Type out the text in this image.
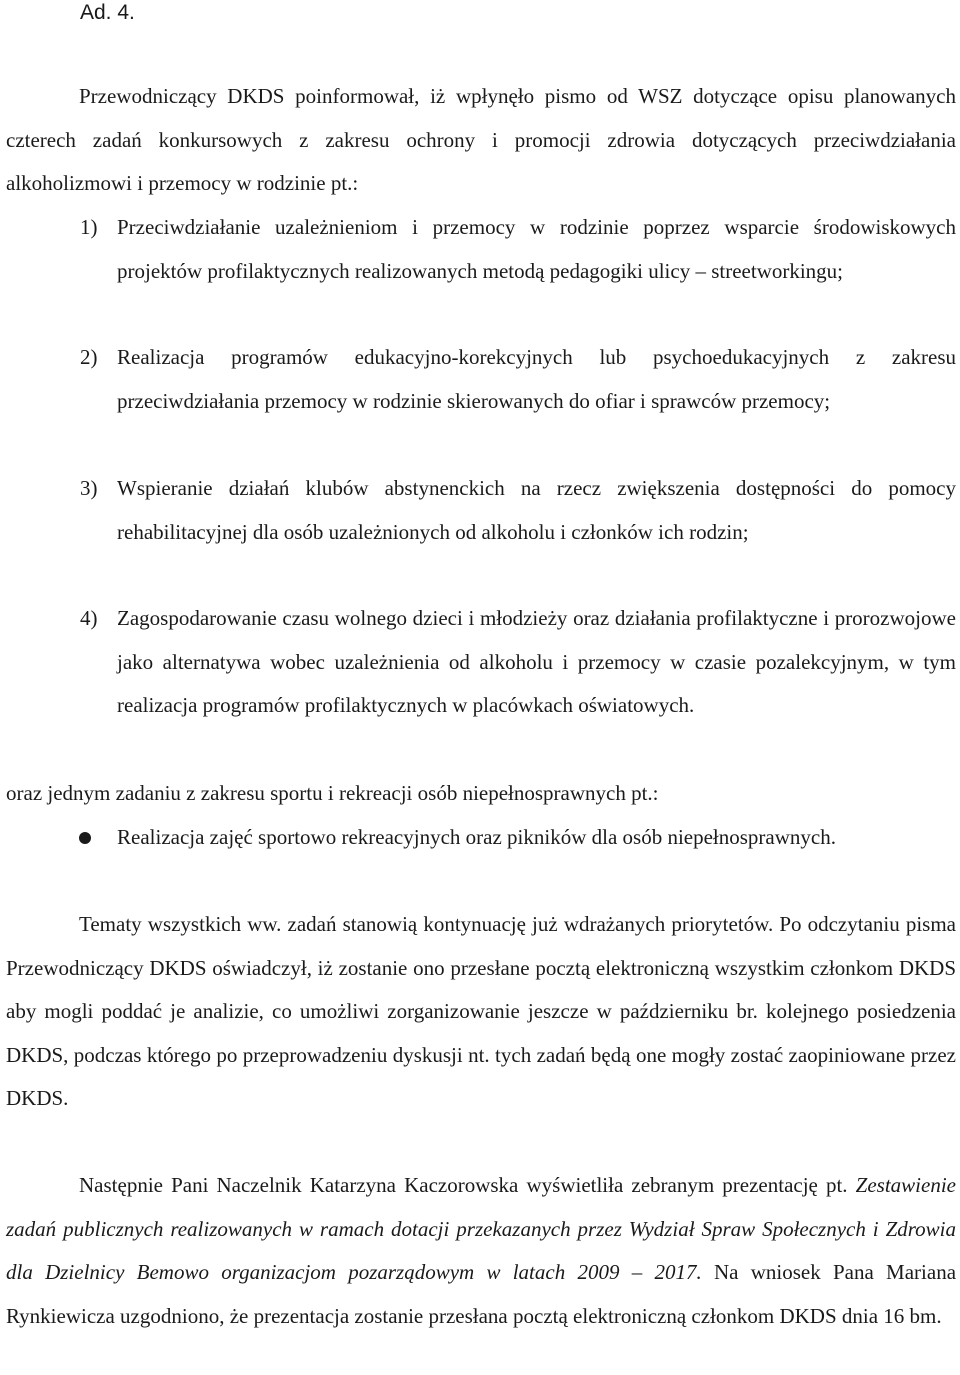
Ad. 4.

Przewodniczący DKDS poinformował, iż wpłynęło pismo od WSZ dotyczące opisu planowanych czterech zadań konkursowych z zakresu ochrony i promocji zdrowia dotyczących przeciwdziałania alkoholizmowi i przemocy w rodzinie pt.:

1) Przeciwdziałanie uzależnieniom i przemocy w rodzinie poprzez wsparcie środowiskowych projektów profilaktycznych realizowanych metodą pedagogiki ulicy – streetworkingu;
2) Realizacja programów edukacyjno-korekcyjnych lub psychoedukacyjnych z zakresu przeciwdziałania przemocy w rodzinie skierowanych do ofiar i sprawców przemocy;
3) Wspieranie działań klubów abstynenckich na rzecz zwiększenia dostępności do pomocy rehabilitacyjnej dla osób uzależnionych od alkoholu i członków ich rodzin;
4) Zagospodarowanie czasu wolnego dzieci i młodzieży oraz działania profilaktyczne i prorozwojowe jako alternatywa wobec uzależnienia od alkoholu i przemocy w czasie pozalekcyjnym, w tym realizacja programów profilaktycznych w placówkach oświatowych.

oraz jednym zadaniu z zakresu sportu i rekreacji osób niepełnosprawnych pt.:

Realizacja zajęć sportowo rekreacyjnych oraz pikników dla osób niepełnosprawnych.

Tematy wszystkich ww. zadań stanowią kontynuację już wdrażanych priorytetów. Po odczytaniu pisma Przewodniczący DKDS oświadczył, iż zostanie ono przesłane pocztą elektroniczną wszystkim członkom DKDS aby mogli poddać je analizie, co umożliwi zorganizowanie jeszcze w październiku br. kolejnego posiedzenia DKDS, podczas którego po przeprowadzeniu dyskusji nt. tych zadań będą one mogły zostać zaopiniowane przez DKDS.

Następnie Pani Naczelnik Katarzyna Kaczorowska wyświetliła zebranym prezentację pt. Zestawienie zadań publicznych realizowanych w ramach dotacji przekazanych przez Wydział Spraw Społecznych i Zdrowia dla Dzielnicy Bemowo organizacjom pozarządowym w latach 2009 – 2017. Na wniosek Pana Mariana Rynkiewicza uzgodniono, że prezentacja zostanie przesłana pocztą elektroniczną członkom DKDS dnia 16 bm.
